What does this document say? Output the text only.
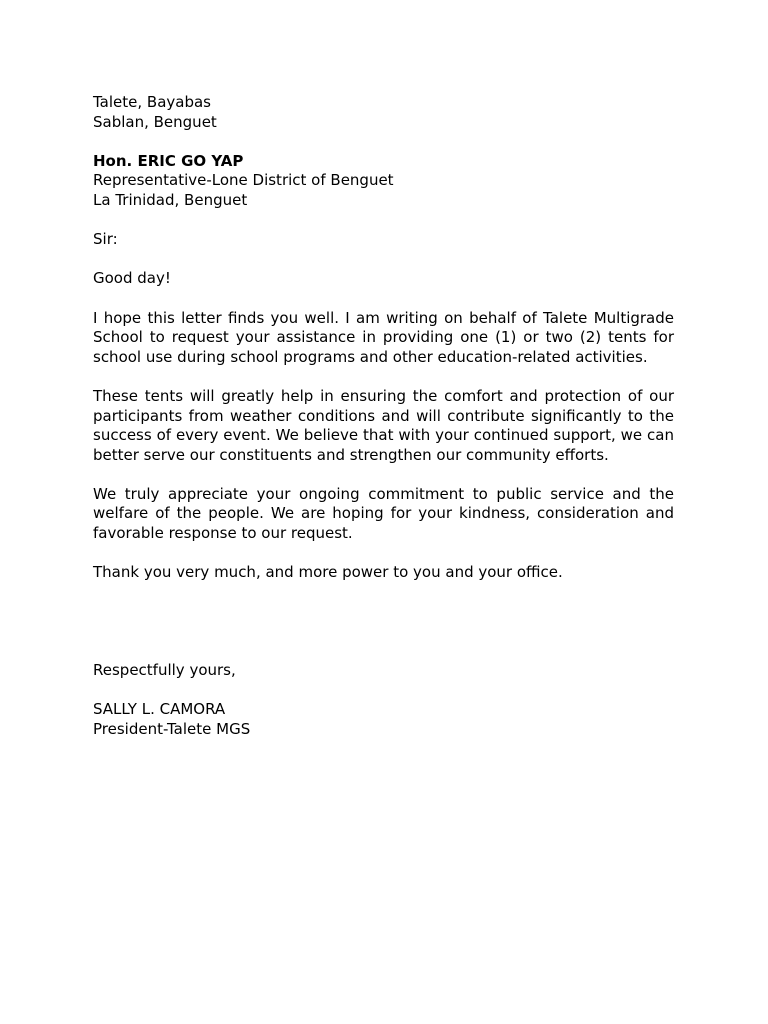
Talete, Bayabas
Sablan, Benguet
Hon. ERIC GO YAP
Representative-Lone District of Benguet
La Trinidad, Benguet
Sir:
Good day!

I hope this letter finds you well. I am writing on behalf of Talete Multigrade School to request your assistance in providing one (1) or two (2) tents for school use during school programs and other education-related activities.

These tents will greatly help in ensuring the comfort and protection of our participants from weather conditions and will contribute significantly to the success of every event. We believe that with your continued support, we can better serve our constituents and strengthen our community efforts.

We truly appreciate your ongoing commitment to public service and the welfare of the people. We are hoping for your kindness, consideration and favorable response to our request.

Thank you very much, and more power to you and your office.

Respectfully yours,
SALLY L. CAMORA
President-Talete MGS
